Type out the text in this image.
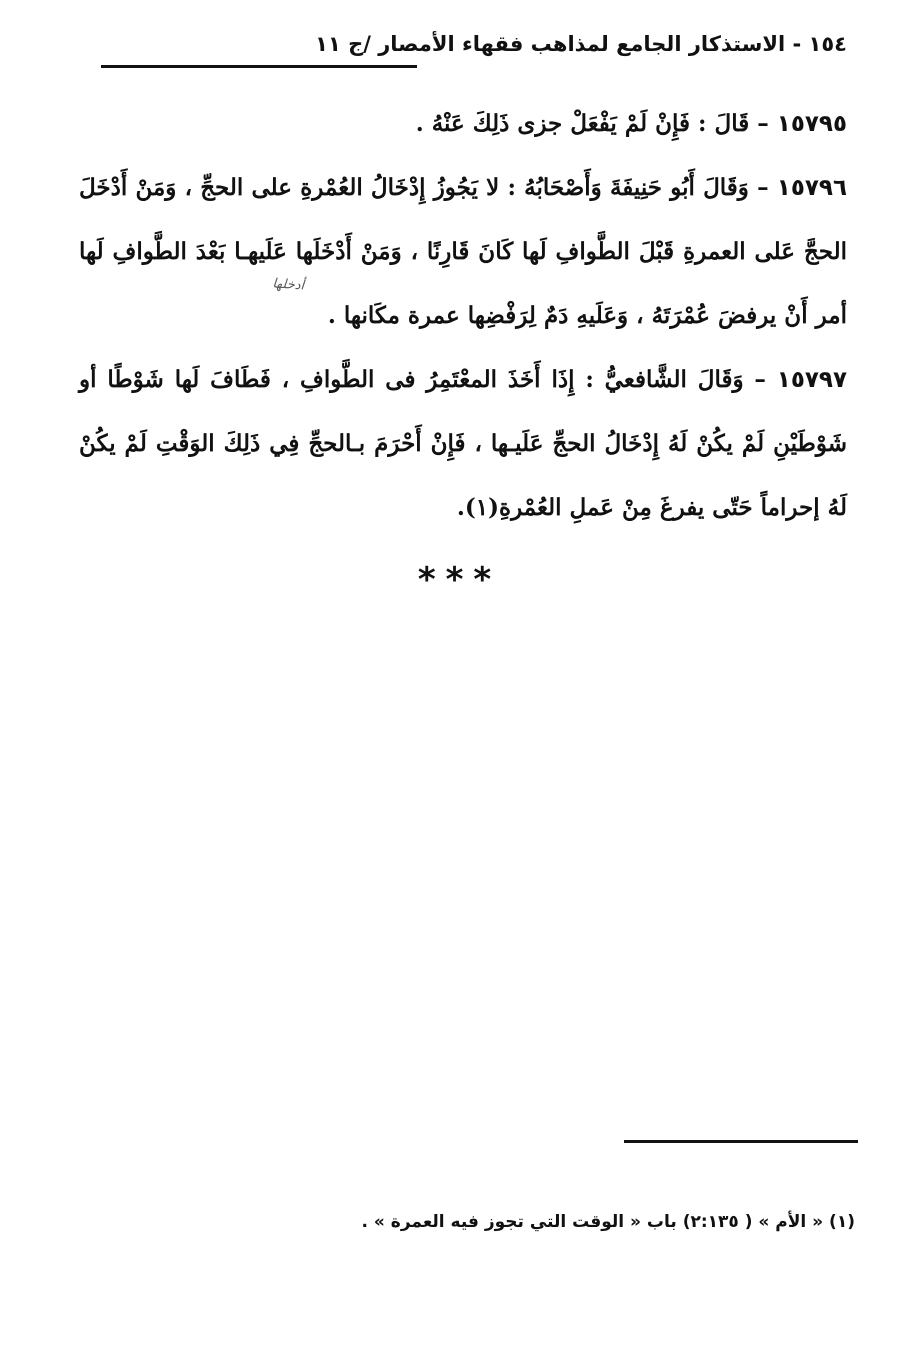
١٥٤ - الاستذكار الجامع لمذاهب فقهاء الأمصار /ج ١١

١٥٧٩٥ – قَالَ : فَإِنْ لَمْ يَفْعَلْ جزى ذَلِكَ عَنْهُ .

١٥٧٩٦ – وَقَالَ أَبُو حَنِيفَةَ وَأَصْحَابُهُ : لا يَجُوزُ إِدْخَالُ العُمْرةِ على الحجِّ ، وَمَنْ أَدْخَلَ الحجَّ عَلى العمرةِ قَبْلَ الطَّوافِ لَها كَانَ قَارِنًا ، وَمَنْ أَدْخَلَها عَلَيهـا بَعْدَ الطَّوافِ لَها أمر أَنْ يرفضَ عُمْرَتَهُ ، وَعَلَيهِ دَمٌ لِرَفْضِها عمرة مكَانها .

١٥٧٩٧ – وَقَالَ الشَّافعيُّ : إِذَا أَخَذَ المعْتَمِرُ فى الطَّوافِ ، فَطَافَ لَها شَوْطًا أو شَوْطَيْنِ لَمْ يكُنْ لَهُ إِدْخَالُ الحجِّ عَلَيـها ، فَإِنْ أَحْرَمَ بـالحجِّ فِي ذَلِكَ الوَقْتِ لَمْ يكُنْ لَهُ إحراماً حَتّى يفرغَ مِنْ عَملِ العُمْرةِ(١).

أدخلها
***
(١) « الأم » ( ٢:١٣٥) باب « الوقت التي تجوز فيه العمرة » .
